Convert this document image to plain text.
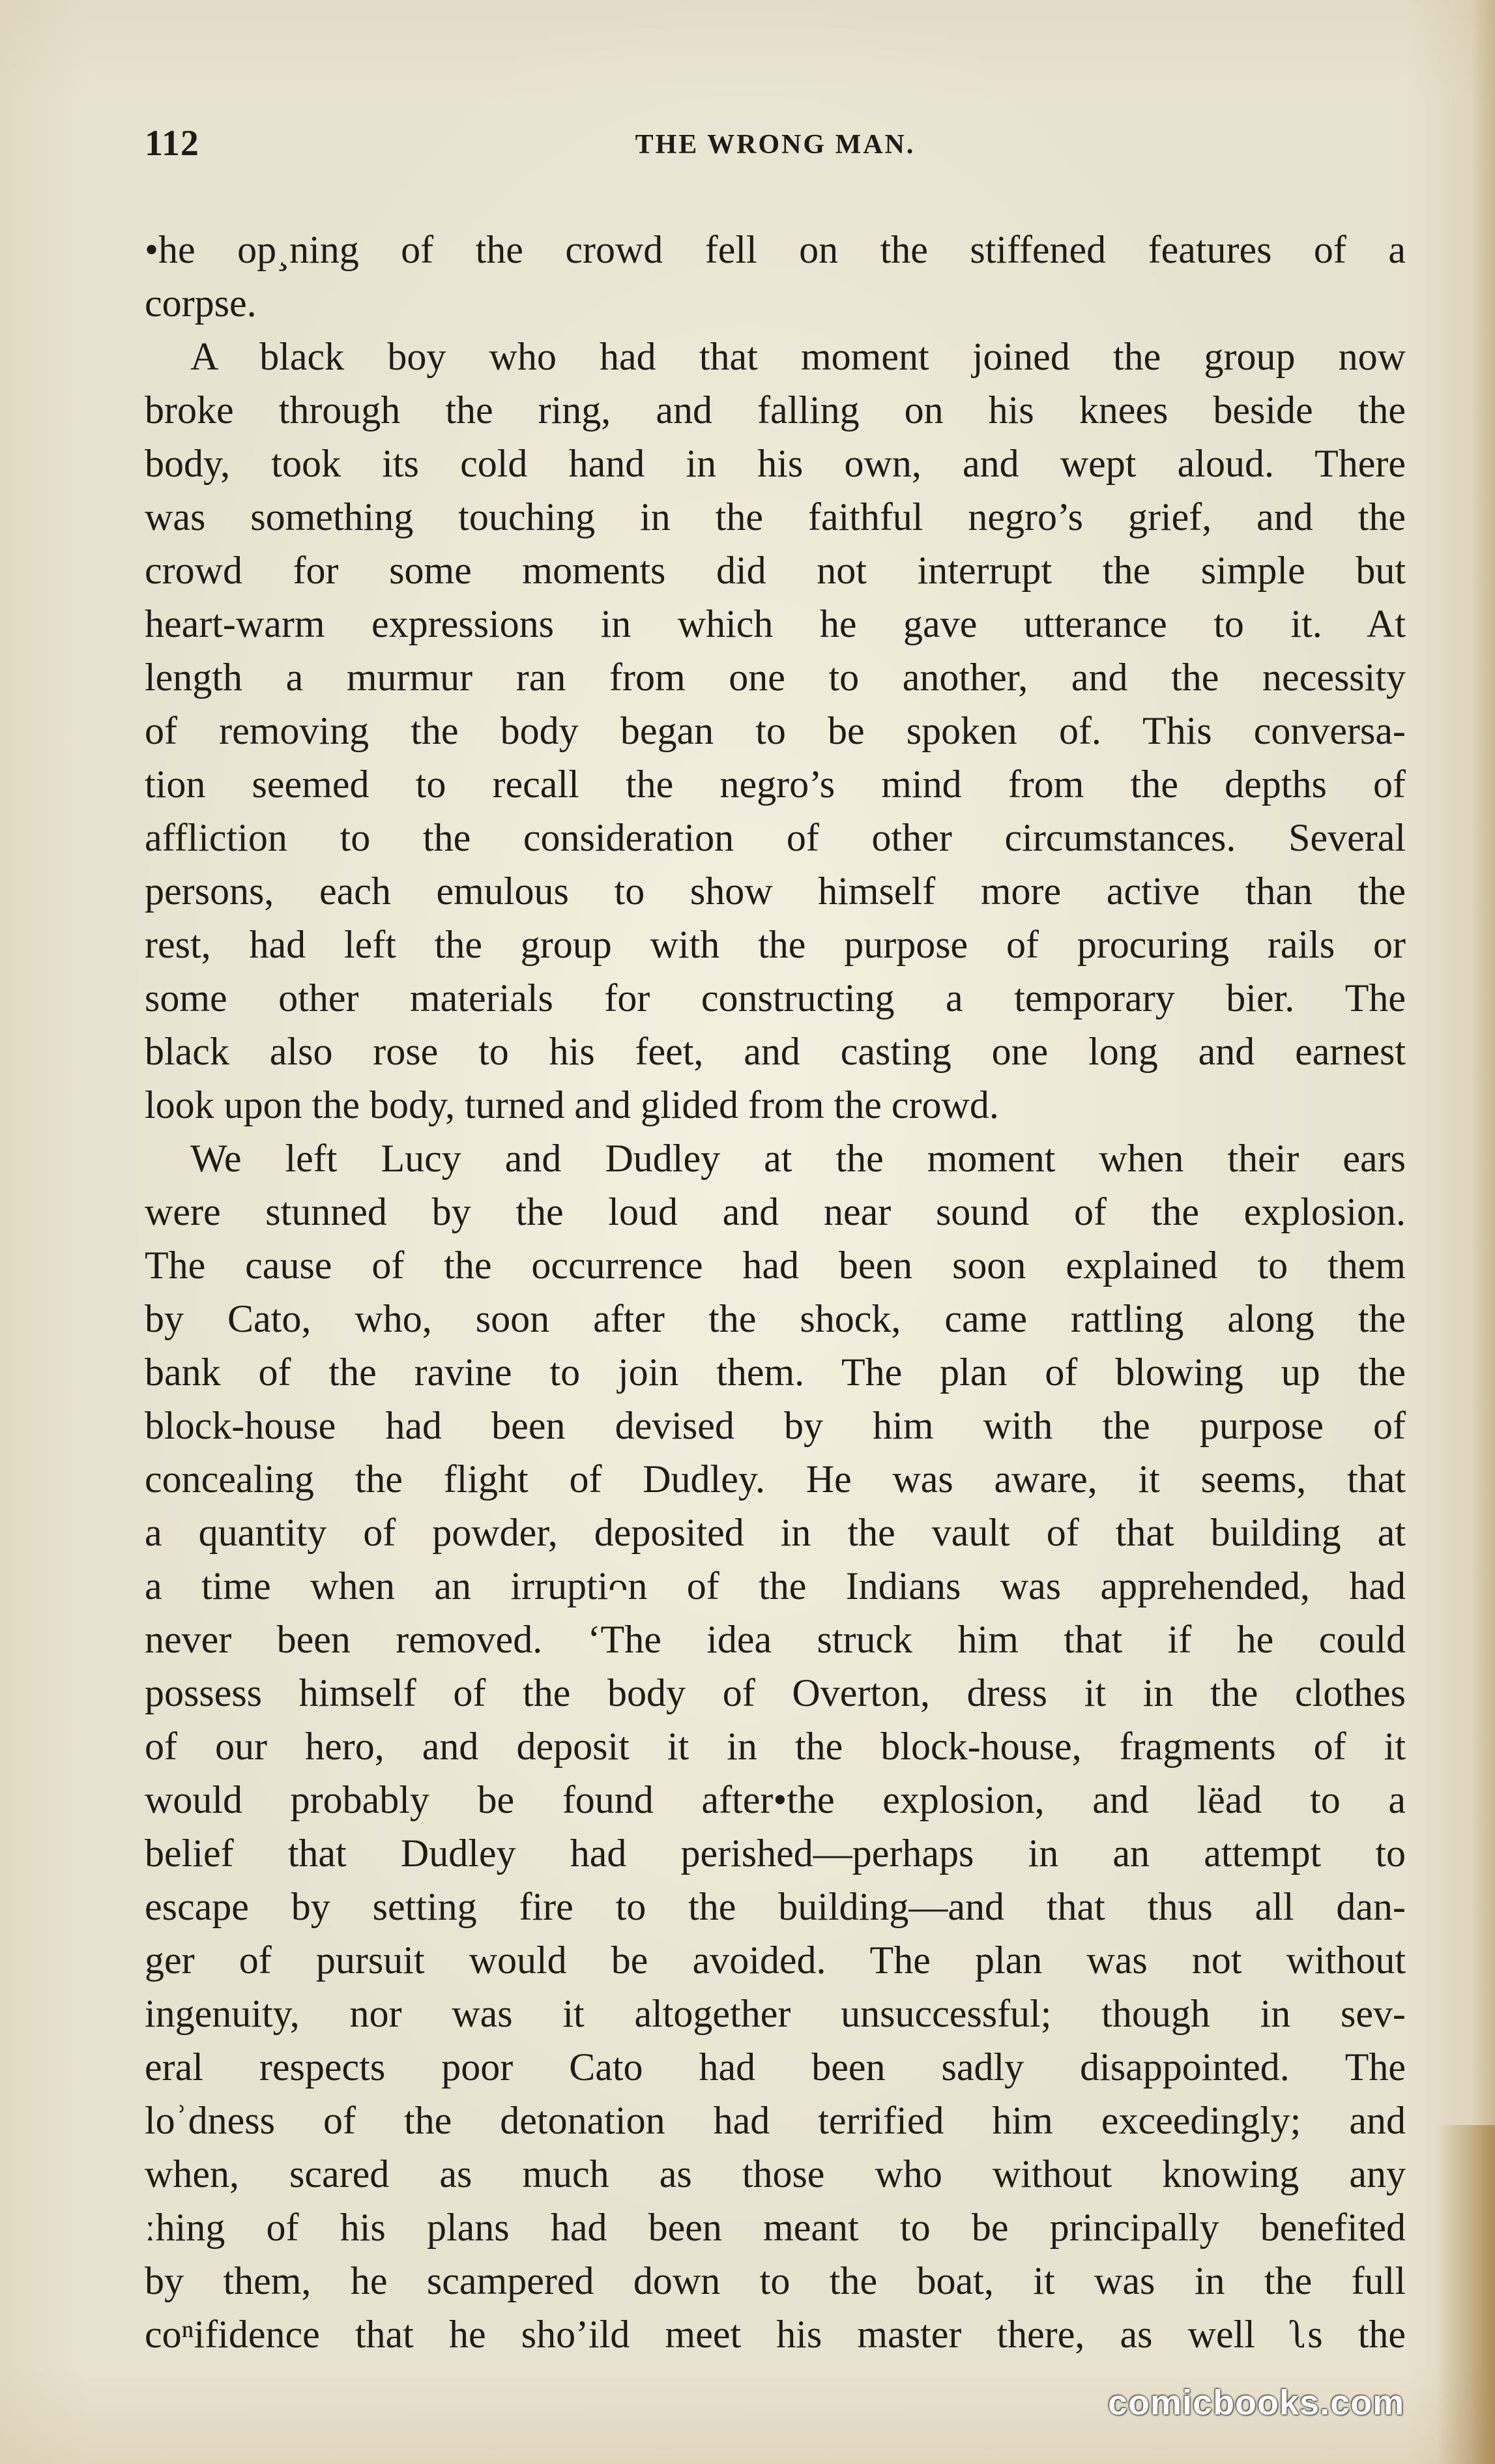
112	THE WRONG MAN.
•he op¸ning of the crowd fell on the stiffened features of a
corpse.
A black boy who had that moment joined the group now
broke through the ring, and falling on his knees beside the
body, took its cold hand in his own, and wept aloud. There
was something touching in the faithful negro’s grief, and the
crowd for some moments did not interrupt the simple but
heart-warm expressions in which he gave utterance to it. At
length a murmur ran from one to another, and the necessity
of removing the body began to be spoken of. This conversa-
tion seemed to recall the negro’s mind from the depths of
affliction to the consideration of other circumstances. Several
persons, each emulous to show himself more active than the
rest, had left the group with the purpose of procuring rails or
some other materials for constructing a temporary bier. The
black also rose to his feet, and casting one long and earnest
look upon the body, turned and glided from the crowd.
We left Lucy and Dudley at the moment when their ears
were stunned by the loud and near sound of the explosion.
The cause of the occurrence had been soon explained to them
by Cato, who, soon after the shock, came rattling along the
bank of the ravine to join them. The plan of blowing up the
block-house had been devised by him with the purpose of
concealing the flight of Dudley. He was aware, it seems, that
a quantity of powder, deposited in the vault of that building at
a time when an irruptiᴖn of the Indians was apprehended, had
never been removed. ‘The idea struck him that if he could
possess himself of the body of Overton, dress it in the clothes
of our hero, and deposit it in the block-house, fragments of it
would probably be found after•the explosion, and lëad to a
belief that Dudley had perished—perhaps in an attempt to
escape by setting fire to the building—and that thus all dan-
ger of pursuit would be avoided. The plan was not without
ingenuity, nor was it altogether unsuccessful; though in sev-
eral respects poor Cato had been sadly disappointed. The
loʾdness of the detonation had terrified him exceedingly; and
when, scared as much as those who without knowing any
ːhing of his plans had been meant to be principally benefited
by them, he scampered down to the boat, it was in the full
coⁿifidence that he sho’ild meet his master there, as well ʅs the
comicbooks.com
